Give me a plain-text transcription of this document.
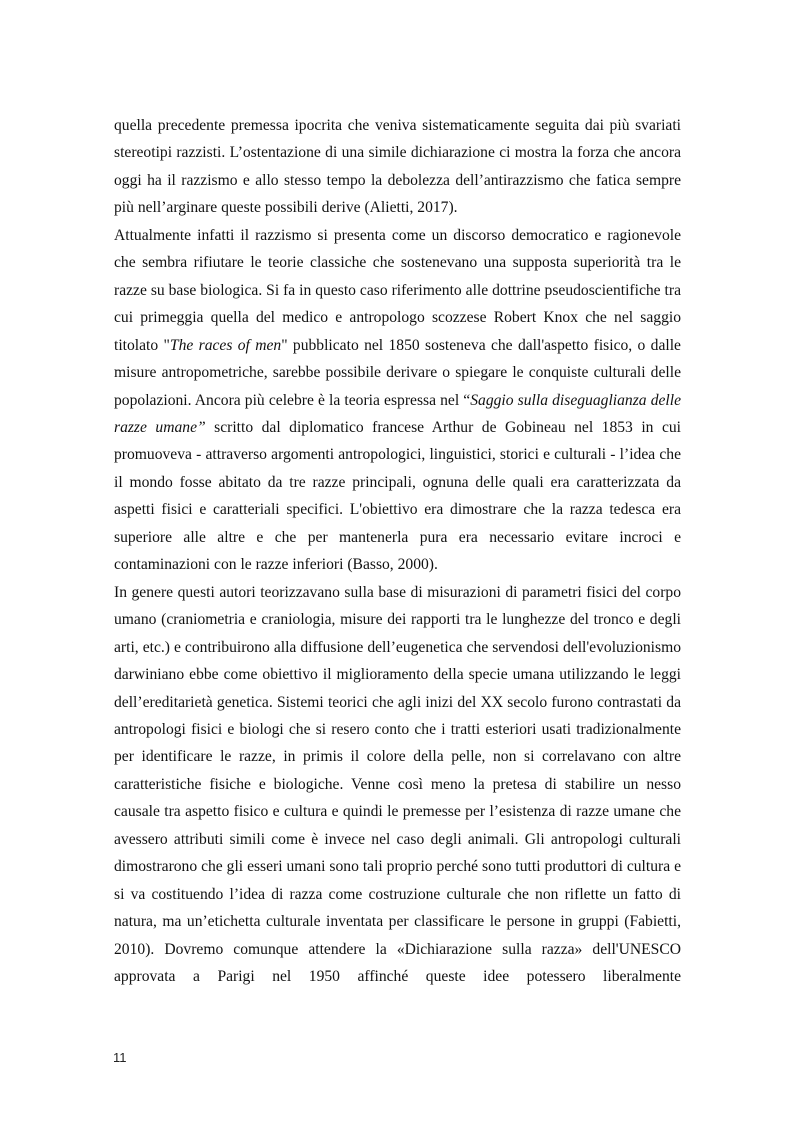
quella precedente premessa ipocrita che veniva sistematicamente seguita dai più svariati stereotipi razzisti. L’ostentazione di una simile dichiarazione ci mostra la forza che ancora oggi ha il razzismo e allo stesso tempo la debolezza dell’antirazzismo che fatica sempre più nell’arginare queste possibili derive (Alietti, 2017).

Attualmente infatti il razzismo si presenta come un discorso democratico e ragionevole che sembra rifiutare le teorie classiche che sostenevano una supposta superiorità tra le razze su base biologica. Si fa in questo caso riferimento alle dottrine pseudoscientifiche tra cui primeggia quella del medico e antropologo scozzese Robert Knox che nel saggio titolato "The races of men" pubblicato nel 1850 sosteneva che dall'aspetto fisico, o dalle misure antropometriche, sarebbe possibile derivare o spiegare le conquiste culturali delle popolazioni. Ancora più celebre è la teoria espressa nel “Saggio sulla diseguaglianza delle razze umane” scritto dal diplomatico francese Arthur de Gobineau nel 1853 in cui promuoveva - attraverso argomenti antropologici, linguistici, storici e culturali - l’idea che il mondo fosse abitato da tre razze principali, ognuna delle quali era caratterizzata da aspetti fisici e caratteriali specifici. L'obiettivo era dimostrare che la razza tedesca era superiore alle altre e che per mantenerla pura era necessario evitare incroci e contaminazioni con le razze inferiori (Basso, 2000).

In genere questi autori teorizzavano sulla base di misurazioni di parametri fisici del corpo umano (craniometria e craniologia, misure dei rapporti tra le lunghezze del tronco e degli arti, etc.) e contribuirono alla diffusione dell’eugenetica che servendosi dell'evoluzionismo darwiniano ebbe come obiettivo il miglioramento della specie umana utilizzando le leggi dell’ereditarietà genetica. Sistemi teorici che agli inizi del XX secolo furono contrastati da antropologi fisici e biologi che si resero conto che i tratti esteriori usati tradizionalmente per identificare le razze, in primis il colore della pelle, non si correlavano con altre caratteristiche fisiche e biologiche. Venne così meno la pretesa di stabilire un nesso causale tra aspetto fisico e cultura e quindi le premesse per l’esistenza di razze umane che avessero attributi simili come è invece nel caso degli animali. Gli antropologi culturali dimostrarono che gli esseri umani sono tali proprio perché sono tutti produttori di cultura e si va costituendo l’idea di razza come costruzione culturale che non riflette un fatto di natura, ma un’etichetta culturale inventata per classificare le persone in gruppi (Fabietti, 2010). Dovremo comunque attendere la «Dichiarazione sulla razza» dell'UNESCO approvata a Parigi nel 1950 affinché queste idee potessero liberalmente

11
